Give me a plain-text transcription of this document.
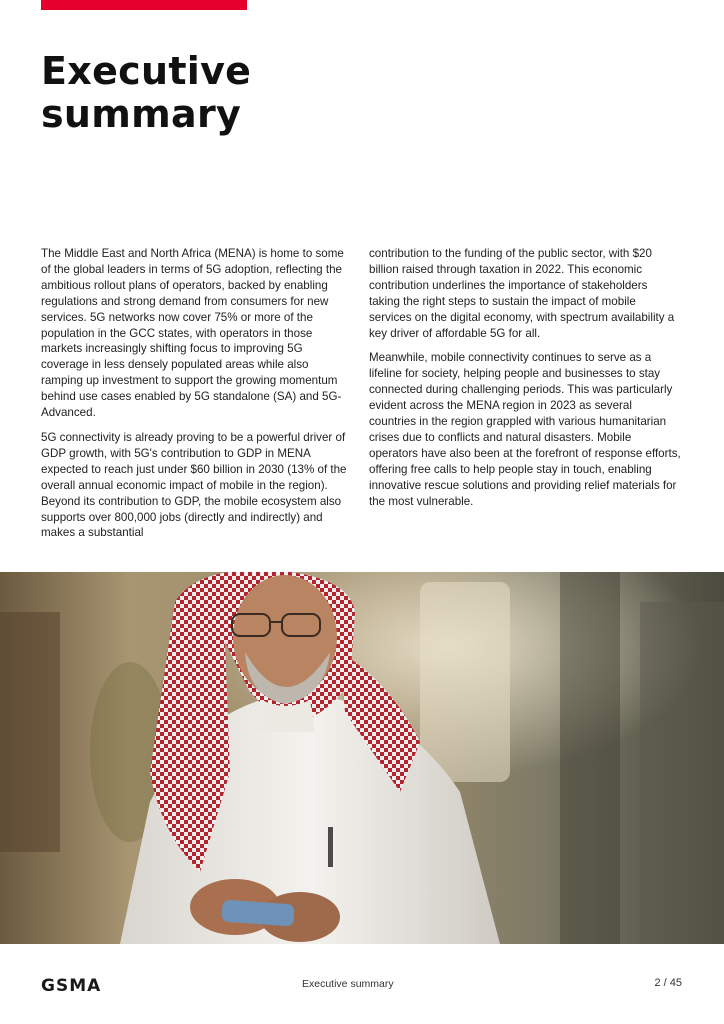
Executive summary

The Middle East and North Africa (MENA) is home to some of the global leaders in terms of 5G adoption, reflecting the ambitious rollout plans of operators, backed by enabling regulations and strong demand from consumers for new services. 5G networks now cover 75% or more of the population in the GCC states, with operators in those markets increasingly shifting focus to improving 5G coverage in less densely populated areas while also ramping up investment to support the growing momentum behind use cases enabled by 5G standalone (SA) and 5G-Advanced.

5G connectivity is already proving to be a powerful driver of GDP growth, with 5G's contribution to GDP in MENA expected to reach just under $60 billion in 2030 (13% of the overall annual economic impact of mobile in the region). Beyond its contribution to GDP, the mobile ecosystem also supports over 800,000 jobs (directly and indirectly) and makes a substantial

contribution to the funding of the public sector, with $20 billion raised through taxation in 2022. This economic contribution underlines the importance of stakeholders taking the right steps to sustain the impact of mobile services on the digital economy, with spectrum availability a key driver of affordable 5G for all.

Meanwhile, mobile connectivity continues to serve as a lifeline for society, helping people and businesses to stay connected during challenging periods. This was particularly evident across the MENA region in 2023 as several countries in the region grappled with various humanitarian crises due to conflicts and natural disasters. Mobile operators have also been at the forefront of response efforts, offering free calls to help people stay in touch, enabling innovative rescue solutions and providing relief materials for the most vulnerable.

GSMA	Executive summary	2 / 45
